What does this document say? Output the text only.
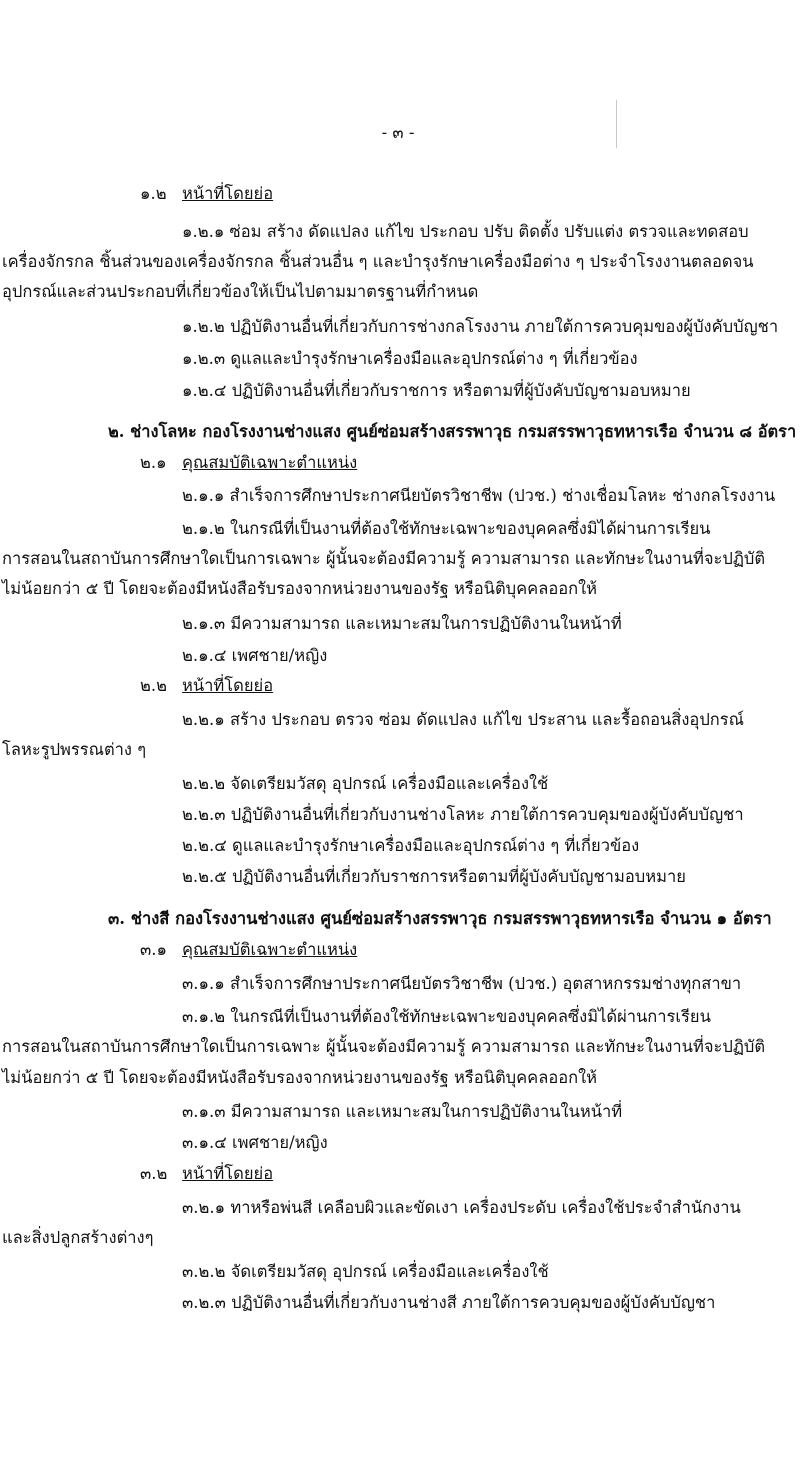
- ๓ -
๑.๒ หน้าที่โดยย่อ
๑.๒.๑ ซ่อม สร้าง ดัดแปลง แก้ไข ประกอบ ปรับ ติดตั้ง ปรับแต่ง ตรวจและทดสอบ
เครื่องจักรกล ชิ้นส่วนของเครื่องจักรกล ชิ้นส่วนอื่น ๆ และบำรุงรักษาเครื่องมือต่าง ๆ ประจำโรงงานตลอดจน
อุปกรณ์และส่วนประกอบที่เกี่ยวข้องให้เป็นไปตามมาตรฐานที่กำหนด
๑.๒.๒ ปฏิบัติงานอื่นที่เกี่ยวกับการช่างกลโรงงาน ภายใต้การควบคุมของผู้บังคับบัญชา
๑.๒.๓ ดูแลและบำรุงรักษาเครื่องมือและอุปกรณ์ต่าง ๆ ที่เกี่ยวข้อง
๑.๒.๔ ปฏิบัติงานอื่นที่เกี่ยวกับราชการ หรือตามที่ผู้บังคับบัญชามอบหมาย
๒. ช่างโลหะ กองโรงงานช่างแสง ศูนย์ซ่อมสร้างสรรพาวุธ กรมสรรพาวุธทหารเรือ จำนวน ๘ อัตรา
๒.๑ คุณสมบัติเฉพาะตำแหน่ง
๒.๑.๑ สำเร็จการศึกษาประกาศนียบัตรวิชาชีพ (ปวช.) ช่างเชื่อมโลหะ ช่างกลโรงงาน
๒.๑.๒ ในกรณีที่เป็นงานที่ต้องใช้ทักษะเฉพาะของบุคคลซึ่งมิได้ผ่านการเรียน
การสอนในสถาบันการศึกษาใดเป็นการเฉพาะ ผู้นั้นจะต้องมีความรู้ ความสามารถ และทักษะในงานที่จะปฏิบัติ
ไม่น้อยกว่า ๕ ปี โดยจะต้องมีหนังสือรับรองจากหน่วยงานของรัฐ หรือนิติบุคคลออกให้
๒.๑.๓ มีความสามารถ และเหมาะสมในการปฏิบัติงานในหน้าที่
๒.๑.๔ เพศชาย/หญิง
๒.๒ หน้าที่โดยย่อ
๒.๒.๑ สร้าง ประกอบ ตรวจ ซ่อม ดัดแปลง แก้ไข ประสาน และรื้อถอนสิ่งอุปกรณ์
โลหะรูปพรรณต่าง ๆ
๒.๒.๒ จัดเตรียมวัสดุ อุปกรณ์ เครื่องมือและเครื่องใช้
๒.๒.๓ ปฏิบัติงานอื่นที่เกี่ยวกับงานช่างโลหะ ภายใต้การควบคุมของผู้บังคับบัญชา
๒.๒.๔ ดูแลและบำรุงรักษาเครื่องมือและอุปกรณ์ต่าง ๆ ที่เกี่ยวข้อง
๒.๒.๕ ปฏิบัติงานอื่นที่เกี่ยวกับราชการหรือตามที่ผู้บังคับบัญชามอบหมาย
๓. ช่างสี กองโรงงานช่างแสง ศูนย์ซ่อมสร้างสรรพาวุธ กรมสรรพาวุธทหารเรือ จำนวน ๑ อัตรา
๓.๑ คุณสมบัติเฉพาะตำแหน่ง
๓.๑.๑ สำเร็จการศึกษาประกาศนียบัตรวิชาชีพ (ปวช.) อุตสาหกรรมช่างทุกสาขา
๓.๑.๒ ในกรณีที่เป็นงานที่ต้องใช้ทักษะเฉพาะของบุคคลซึ่งมิได้ผ่านการเรียน
การสอนในสถาบันการศึกษาใดเป็นการเฉพาะ ผู้นั้นจะต้องมีความรู้ ความสามารถ และทักษะในงานที่จะปฏิบัติ
ไม่น้อยกว่า ๕ ปี โดยจะต้องมีหนังสือรับรองจากหน่วยงานของรัฐ หรือนิติบุคคลออกให้
๓.๑.๓ มีความสามารถ และเหมาะสมในการปฏิบัติงานในหน้าที่
๓.๑.๔ เพศชาย/หญิง
๓.๒ หน้าที่โดยย่อ
๓.๒.๑ ทาหรือพ่นสี เคลือบผิวและขัดเงา เครื่องประดับ เครื่องใช้ประจำสำนักงาน
และสิ่งปลูกสร้างต่างๆ
๓.๒.๒ จัดเตรียมวัสดุ อุปกรณ์ เครื่องมือและเครื่องใช้
๓.๒.๓ ปฏิบัติงานอื่นที่เกี่ยวกับงานช่างสี ภายใต้การควบคุมของผู้บังคับบัญชา
